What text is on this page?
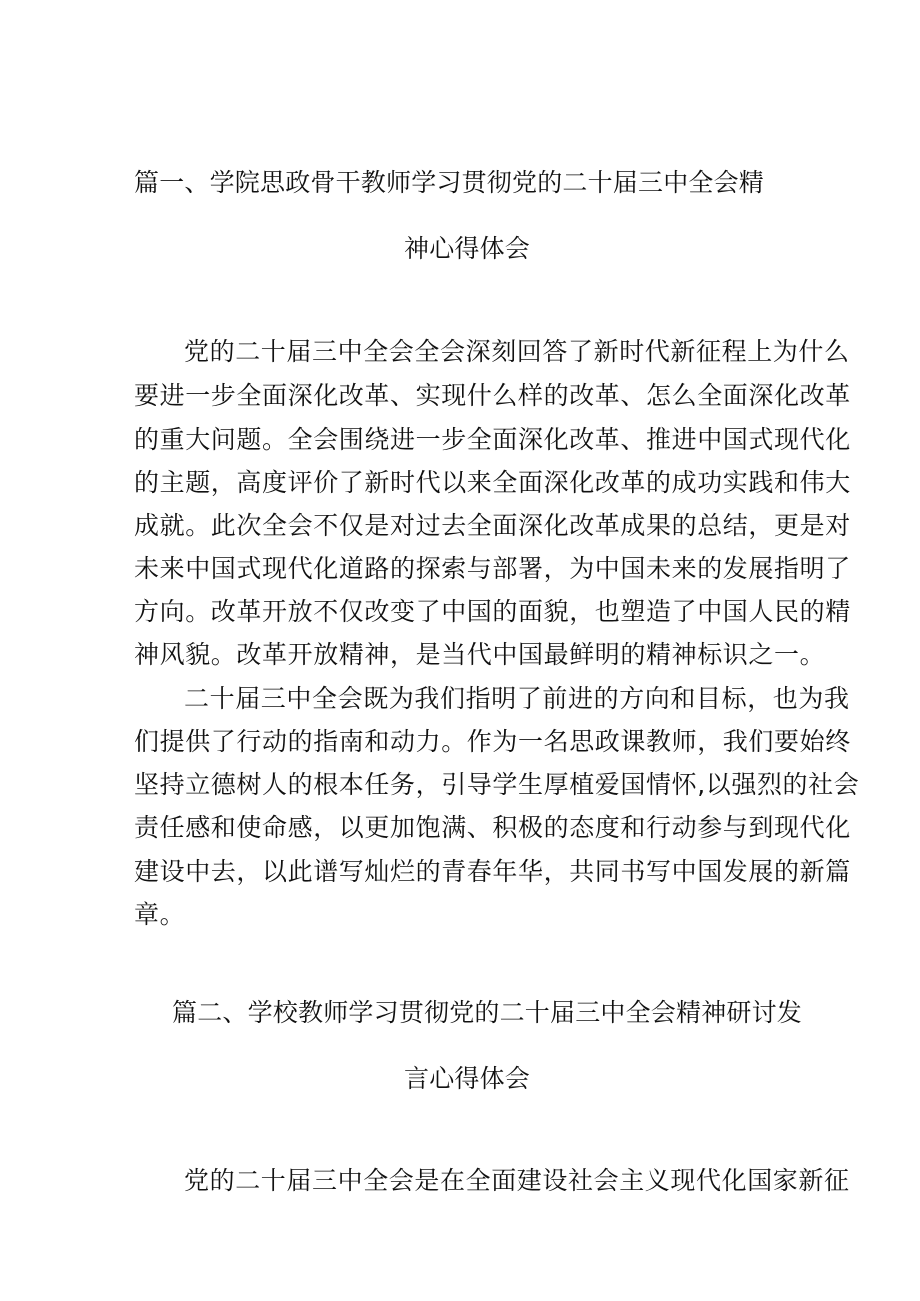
篇一、学院思政骨干教师学习贯彻党的二十届三中全会精
神心得体会
党的二十届三中全会全会深刻回答了新时代新征程上为什么
要进一步全面深化改革、实现什么样的改革、怎么全面深化改革
的重大问题。全会围绕进一步全面深化改革、推进中国式现代化
的主题，高度评价了新时代以来全面深化改革的成功实践和伟大
成就。此次全会不仅是对过去全面深化改革成果的总结，更是对
未来中国式现代化道路的探索与部署，为中国未来的发展指明了
方向。改革开放不仅改变了中国的面貌，也塑造了中国人民的精
神风貌。改革开放精神，是当代中国最鲜明的精神标识之一。
二十届三中全会既为我们指明了前进的方向和目标，也为我
们提供了行动的指南和动力。作为一名思政课教师，我们要始终
坚持立德树人的根本任务，引导学生厚植爱国情怀,以强烈的社会
责任感和使命感，以更加饱满、积极的态度和行动参与到现代化
建设中去，以此谱写灿烂的青春年华，共同书写中国发展的新篇
章。
篇二、学校教师学习贯彻党的二十届三中全会精神研讨发
言心得体会
党的二十届三中全会是在全面建设社会主义现代化国家新征
